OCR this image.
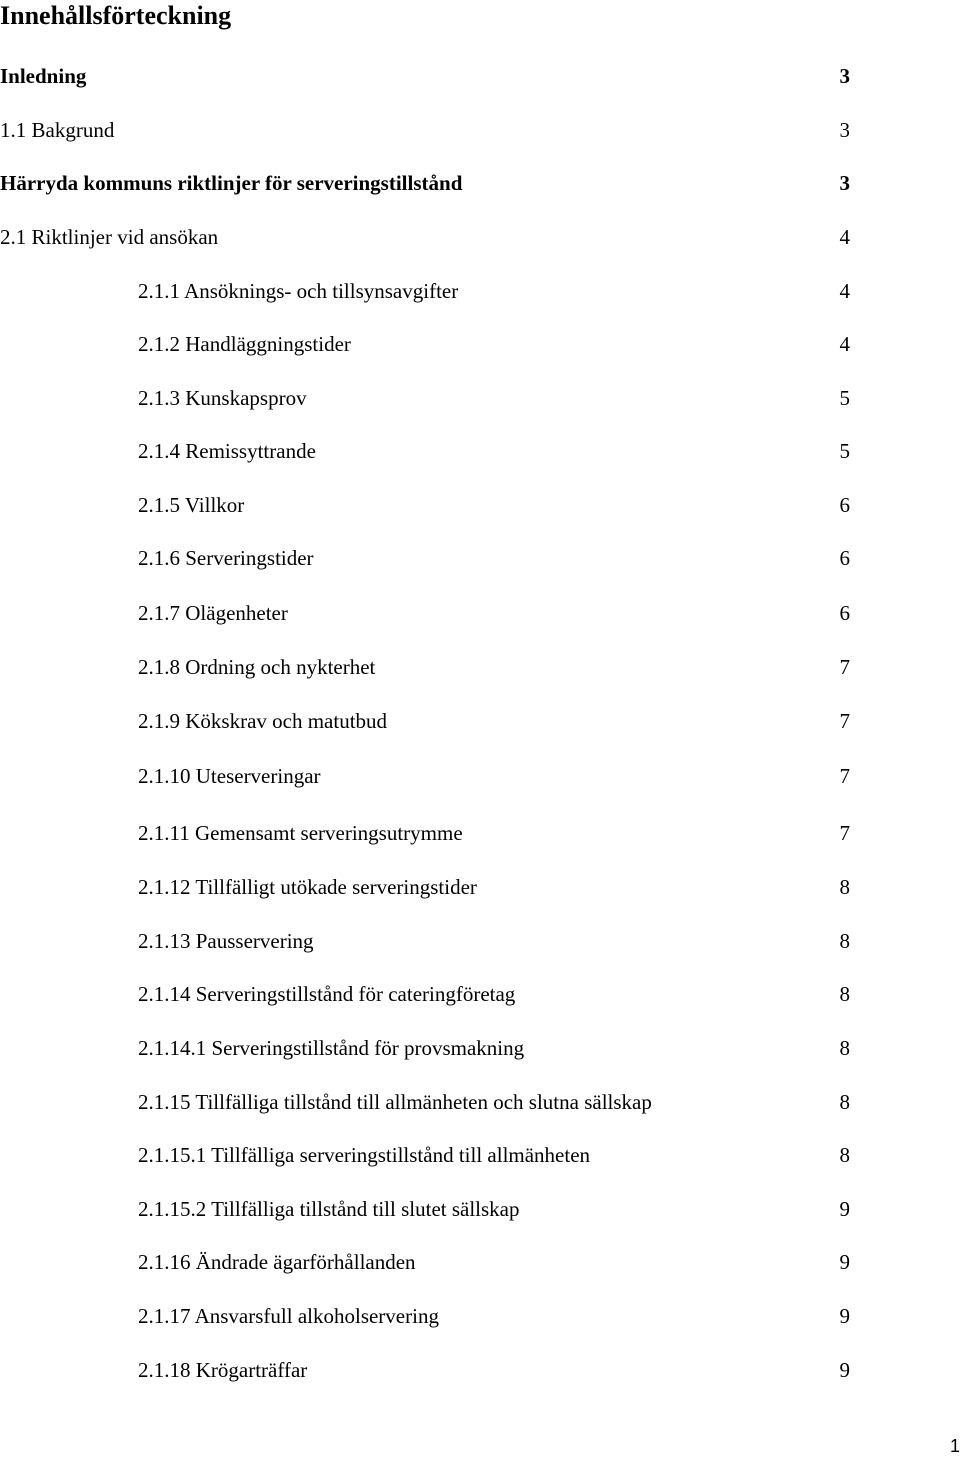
Innehållsförteckning
Inledning	3
1.1 Bakgrund	3
Härryda kommuns riktlinjer för serveringstillstånd	3
2.1 Riktlinjer vid ansökan	4
2.1.1 Ansöknings- och tillsynsavgifter	4
2.1.2 Handläggningstider	4
2.1.3 Kunskapsprov	5
2.1.4 Remissyttrande	5
2.1.5 Villkor	6
2.1.6 Serveringstider	6
2.1.7 Olägenheter	6
2.1.8 Ordning och nykterhet	7
2.1.9 Kökskrav och matutbud	7
2.1.10 Uteserveringar	7
2.1.11 Gemensamt serveringsutrymme	7
2.1.12 Tillfälligt utökade serveringstider	8
2.1.13 Pausservering	8
2.1.14 Serveringstillstånd för cateringföretag	8
2.1.14.1 Serveringstillstånd för provsmakning	8
2.1.15 Tillfälliga tillstånd till allmänheten och slutna sällskap	8
2.1.15.1 Tillfälliga serveringstillstånd till allmänheten	8
2.1.15.2 Tillfälliga tillstånd till slutet sällskap	9
2.1.16 Ändrade ägarförhållanden	9
2.1.17 Ansvarsfull alkoholservering	9
2.1.18 Krögarträffar	9
1
